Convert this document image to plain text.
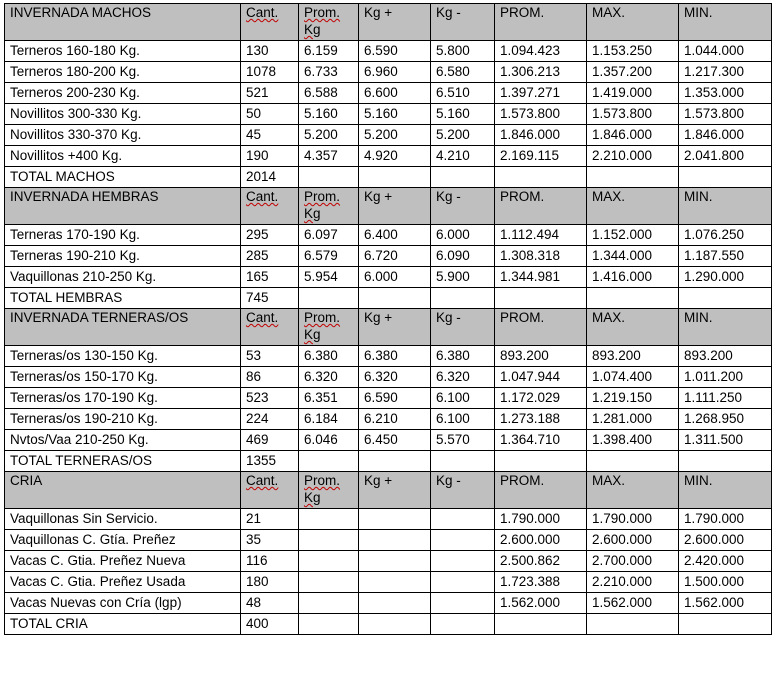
INVERNADA MACHOS	Cant.	Prom. Kg	Kg +	Kg -	PROM.	MAX.	MIN.
Terneros 160-180 Kg.	130	6.159	6.590	5.800	1.094.423	1.153.250	1.044.000
Terneros 180-200 Kg.	1078	6.733	6.960	6.580	1.306.213	1.357.200	1.217.300
Terneros 200-230 Kg.	521	6.588	6.600	6.510	1.397.271	1.419.000	1.353.000
Novillitos 300-330 Kg.	50	5.160	5.160	5.160	1.573.800	1.573.800	1.573.800
Novillitos 330-370 Kg.	45	5.200	5.200	5.200	1.846.000	1.846.000	1.846.000
Novillitos +400 Kg.	190	4.357	4.920	4.210	2.169.115	2.210.000	2.041.800
TOTAL MACHOS	2014						
INVERNADA HEMBRAS	Cant.	Prom. Kg	Kg +	Kg -	PROM.	MAX.	MIN.
Terneras 170-190 Kg.	295	6.097	6.400	6.000	1.112.494	1.152.000	1.076.250
Terneras 190-210 Kg.	285	6.579	6.720	6.090	1.308.318	1.344.000	1.187.550
Vaquillonas 210-250 Kg.	165	5.954	6.000	5.900	1.344.981	1.416.000	1.290.000
TOTAL HEMBRAS	745						
INVERNADA TERNERAS/OS	Cant.	Prom. Kg	Kg +	Kg -	PROM.	MAX.	MIN.
Terneras/os 130-150 Kg.	53	6.380	6.380	6.380	893.200	893.200	893.200
Terneras/os 150-170 Kg.	86	6.320	6.320	6.320	1.047.944	1.074.400	1.011.200
Terneras/os 170-190 Kg.	523	6.351	6.590	6.100	1.172.029	1.219.150	1.111.250
Terneras/os 190-210 Kg.	224	6.184	6.210	6.100	1.273.188	1.281.000	1.268.950
Nvtos/Vaa 210-250 Kg.	469	6.046	6.450	5.570	1.364.710	1.398.400	1.311.500
TOTAL TERNERAS/OS	1355						
CRIA	Cant.	Prom. Kg	Kg +	Kg -	PROM.	MAX.	MIN.
Vaquillonas Sin Servicio.	21				1.790.000	1.790.000	1.790.000
Vaquillonas C. Gtía. Preñez	35				2.600.000	2.600.000	2.600.000
Vacas C. Gtia. Preñez Nueva	116				2.500.862	2.700.000	2.420.000
Vacas C. Gtia. Preñez Usada	180				1.723.388	2.210.000	1.500.000
Vacas Nuevas con Cría (lgp)	48				1.562.000	1.562.000	1.562.000
TOTAL CRIA	400						
